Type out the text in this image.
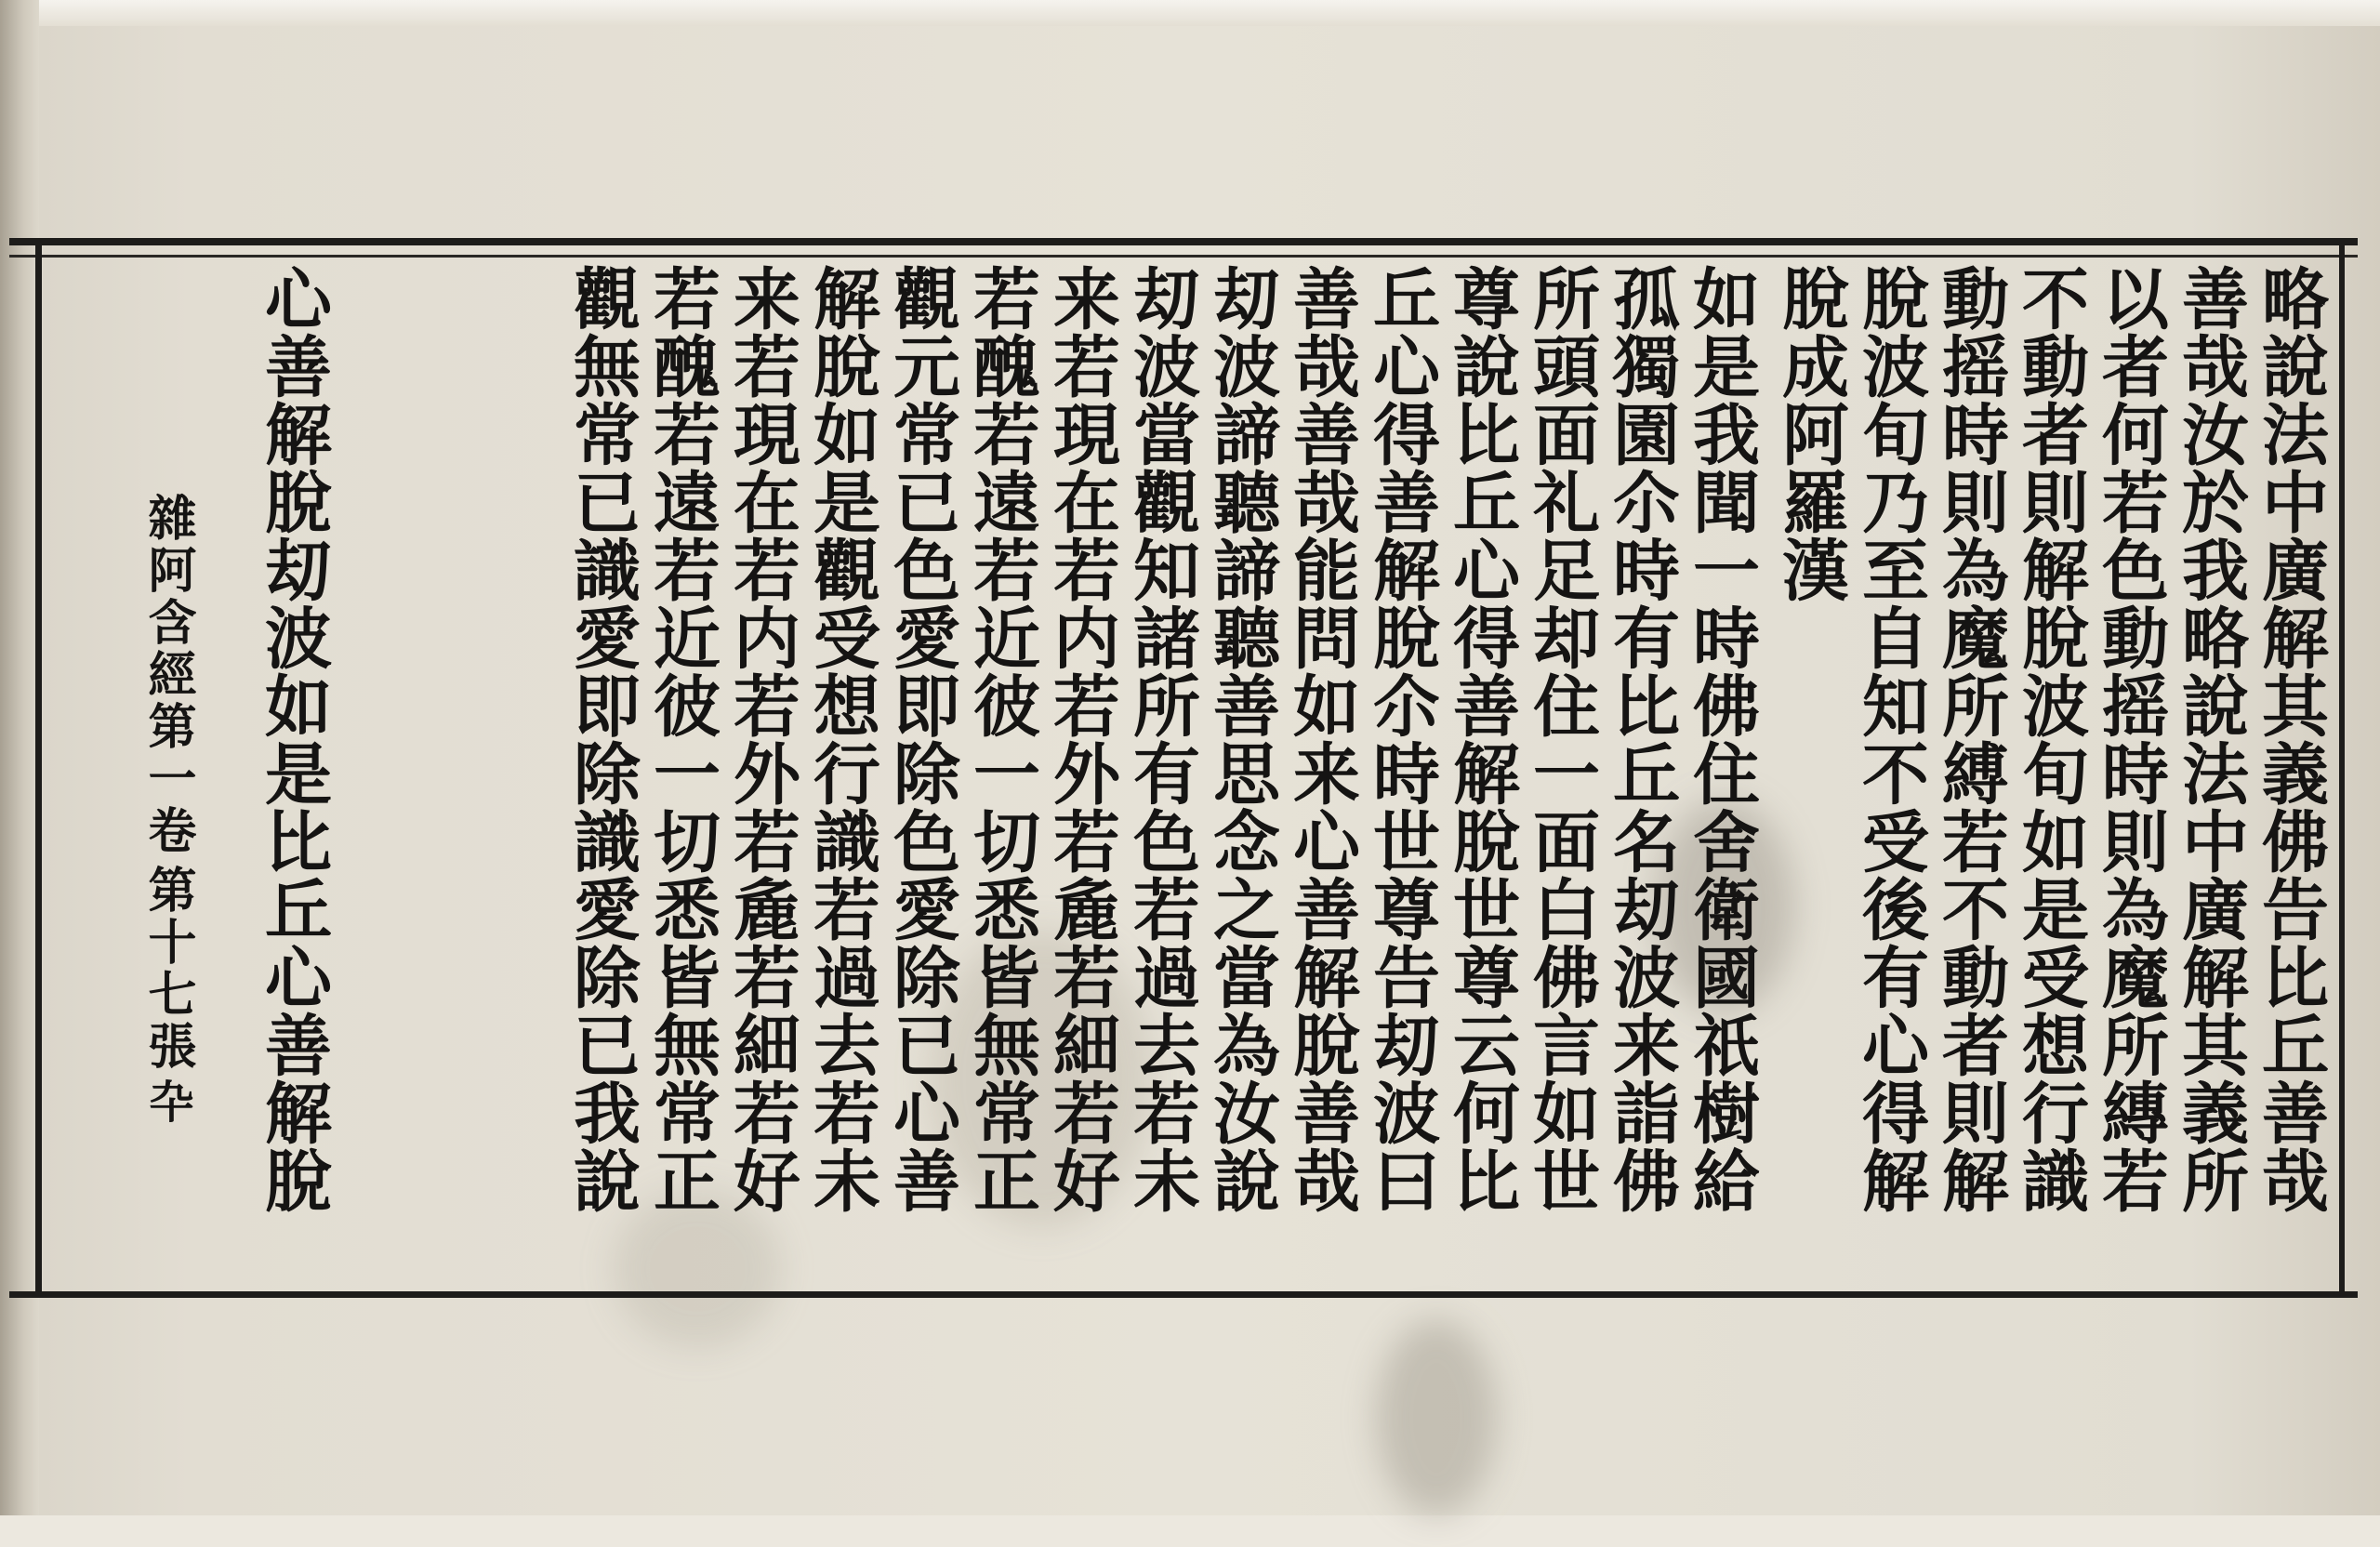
略說法中廣解其義佛告比丘善哉
善哉汝於我略說法中廣解其義所
以者何若色動摇時則為魔所縳若
不動者則解脫波旬如是受想行識
動摇時則為魔所縛若不動者則解
脫波旬乃至自知不受後有心得解
脫成阿羅漢
如是我聞一時佛住舍衛國祇樹給
孤獨園尒時有比丘名刧波来詣佛
所頭面礼足却住一面白佛言如世
尊說比丘心得善解脫世尊云何比
丘心得善解脫尒時世尊告刧波曰
善哉善哉能問如来心善解脫善哉
刧波諦聽諦聽善思念之當為汝說
刧波當觀知諸所有色若過去若未
来若現在若内若外若麁若細若好
若醜若遠若近彼一切悉皆無常正
觀元常已色愛即除色愛除已心善
解脫如是觀受想行識若過去若未
来若現在若内若外若麁若細若好
若醜若遠若近彼一切悉皆無常正
觀無常已識愛即除識愛除已我說
心善解脫刧波如是比丘心善解脫
雜阿含經第一卷
第十七張
卆
